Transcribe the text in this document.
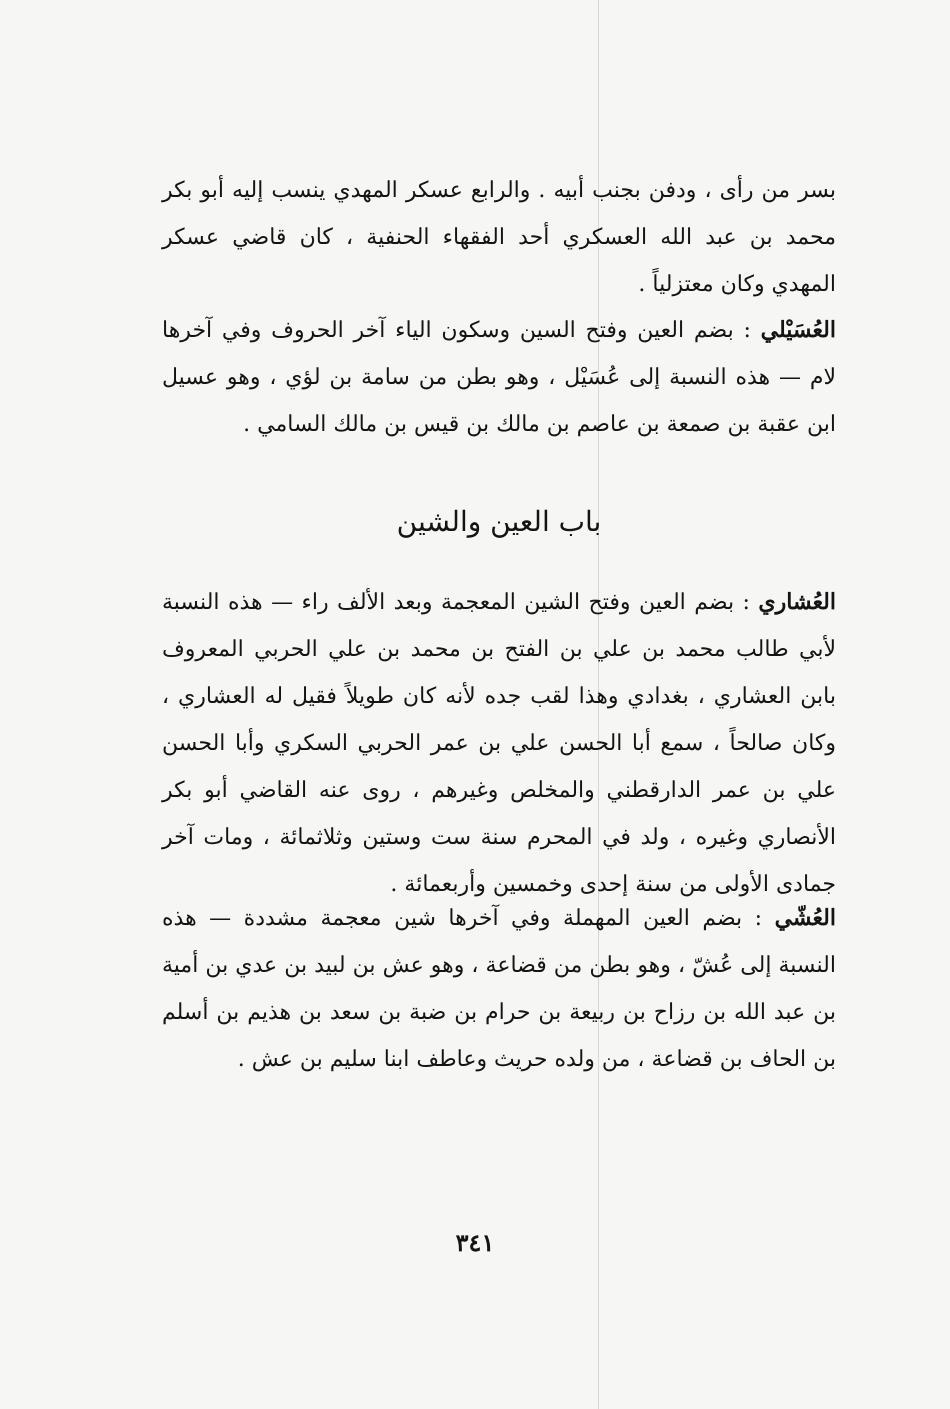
بسر من رأى ، ودفن بجنب أبيه . والرابع عسكر المهدي ينسب إليه أبو بكر محمد بن عبد الله العسكري أحد الفقهاء الحنفية ، كان قاضي عسكر المهدي وكان معتزلياً .

العُسَيْلي : بضم العين وفتح السين وسكون الياء آخر الحروف وفي آخرها لام — هذه النسبة إلى عُسَيْل ، وهو بطن من سامة بن لؤي ، وهو عسيل ابن عقبة بن صمعة بن عاصم بن مالك بن قيس بن مالك السامي .

باب العين والشين

العُشاري : بضم العين وفتح الشين المعجمة وبعد الألف راء — هذه النسبة لأبي طالب محمد بن علي بن الفتح بن محمد بن علي الحربي المعروف بابن العشاري ، بغدادي وهذا لقب جده لأنه كان طويلاً فقيل له العشاري ، وكان صالحاً ، سمع أبا الحسن علي بن عمر الحربي السكري وأبا الحسن علي بن عمر الدارقطني والمخلص وغيرهم ، روى عنه القاضي أبو بكر الأنصاري وغيره ، ولد في المحرم سنة ست وستين وثلاثمائة ، ومات آخر جمادى الأولى من سنة إحدى وخمسين وأربعمائة .

العُشّي : بضم العين المهملة وفي آخرها شين معجمة مشددة — هذه النسبة إلى عُشّ ، وهو بطن من قضاعة ، وهو عش بن لبيد بن عدي بن أمية بن عبد الله بن رزاح بن ربيعة بن حرام بن ضبة بن سعد بن هذيم بن أسلم بن الحاف بن قضاعة ، من ولده حريث وعاطف ابنا سليم بن عش .

٣٤١
